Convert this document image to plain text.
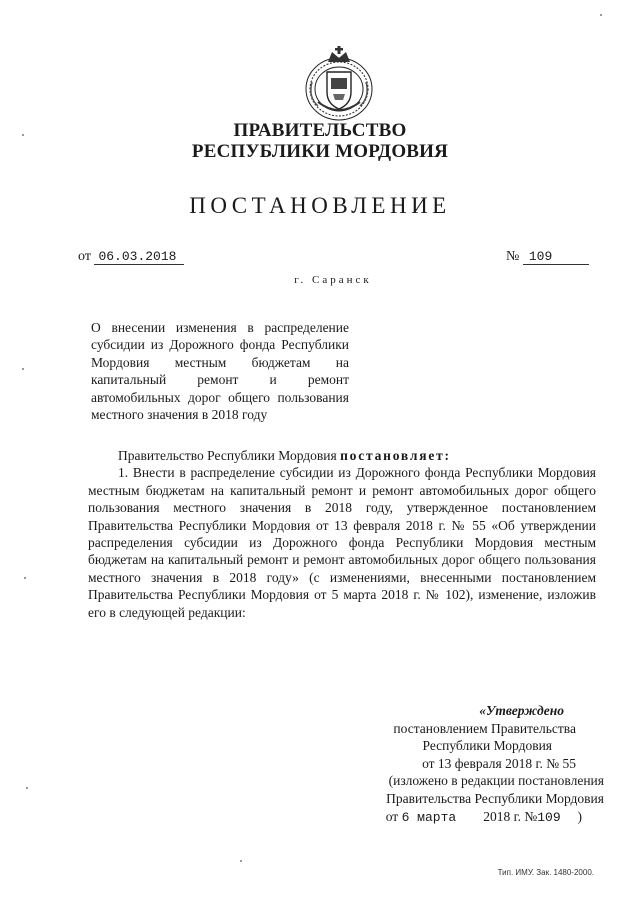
ПРАВИТЕЛЬСТВО
РЕСПУБЛИКИ МОРДОВИЯ
ПОСТАНОВЛЕНИЕ
от 06.03.2018	№ 109
г. Саранск
О внесении изменения в распределение субсидии из Дорожного фонда Республики Мордовия местным бюджетам на капитальный ремонт и ремонт автомобильных дорог общего пользования местного значения в 2018 году

Правительство Республики Мордовия постановляет:

1. Внести в распределение субсидии из Дорожного фонда Республики Мордовия местным бюджетам на капитальный ремонт и ремонт автомобильных дорог общего пользования местного значения в 2018 году, утвержденное постановлением Правительства Республики Мордовия от 13 февраля 2018 г. № 55 «Об утверждении распределения субсидии из Дорожного фонда Республики Мордовия местным бюджетам на капитальный ремонт и ремонт автомобильных дорог общего пользования местного значения в 2018 году» (с изменениями, внесенными постановлением Правительства Республики Мордовия от 5 марта 2018 г. № 102), изменение, изложив его в следующей редакции:

«Утверждено
постановлением Правительства
Республики Мордовия
от 13 февраля 2018 г. № 55
(изложено в редакции постановления
Правительства Республики Мордовия
от 6 марта 2018 г. №109 )
Тип. ИМУ. Зак. 1480-2000.
